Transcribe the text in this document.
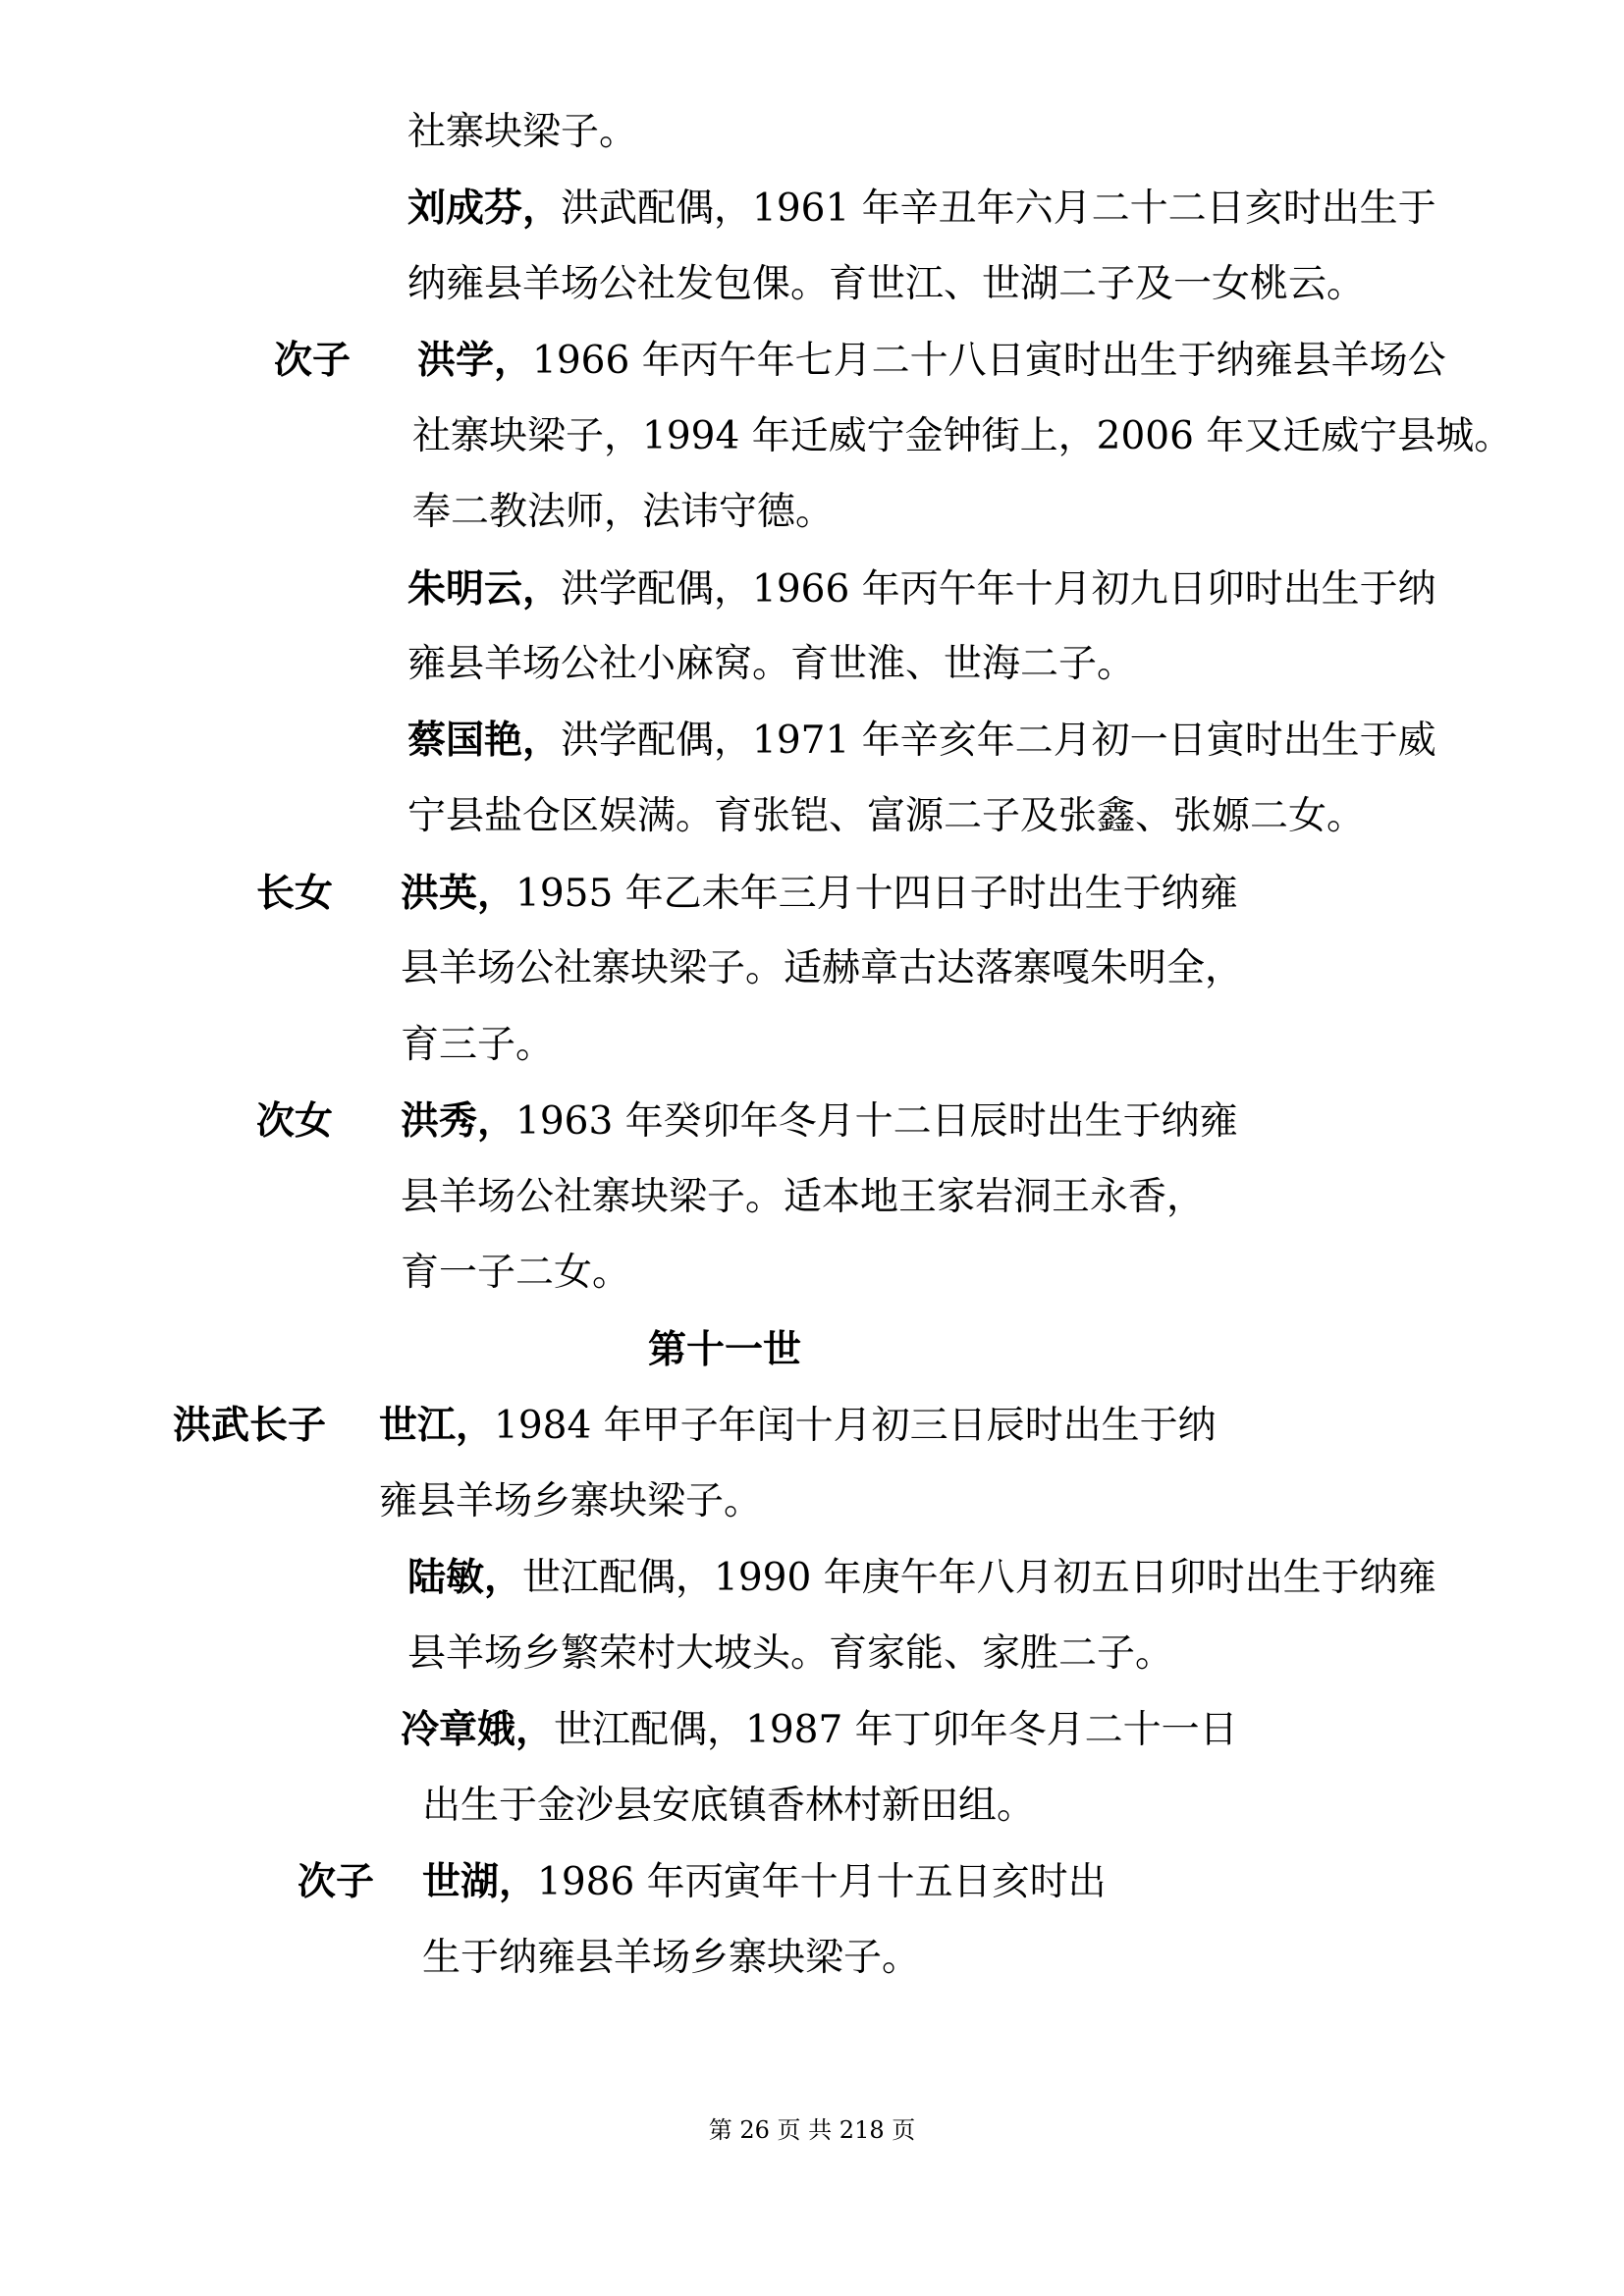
社寨块梁子。
刘成芬，洪武配偶，1961 年辛丑年六月二十二日亥时出生于
纳雍县羊场公社发包倮。育世江、世湖二子及一女桃云。
次子 洪学，1966 年丙午年七月二十八日寅时出生于纳雍县羊场公
社寨块梁子，1994 年迁威宁金钟街上，2006 年又迁威宁县城。
奉二教法师，法讳守德。
朱明云，洪学配偶，1966 年丙午年十月初九日卯时出生于纳
雍县羊场公社小麻窝。育世淮、世海二子。
蔡国艳，洪学配偶，1971 年辛亥年二月初一日寅时出生于威
宁县盐仓区娱满。育张铠、富源二子及张鑫、张嫄二女。
长女 洪英，1955 年乙未年三月十四日子时出生于纳雍
县羊场公社寨块梁子。适赫章古达落寨嘎朱明全，
育三子。
次女 洪秀，1963 年癸卯年冬月十二日辰时出生于纳雍
县羊场公社寨块梁子。适本地王家岩洞王永香，
育一子二女。
第十一世
洪武长子 世江，1984 年甲子年闰十月初三日辰时出生于纳
雍县羊场乡寨块梁子。
陆敏，世江配偶，1990 年庚午年八月初五日卯时出生于纳雍
县羊场乡繁荣村大坡头。育家能、家胜二子。
冷章娥，世江配偶，1987 年丁卯年冬月二十一日
出生于金沙县安底镇香林村新田组。
次子 世湖，1986 年丙寅年十月十五日亥时出
生于纳雍县羊场乡寨块梁子。
第 26 页 共 218 页
